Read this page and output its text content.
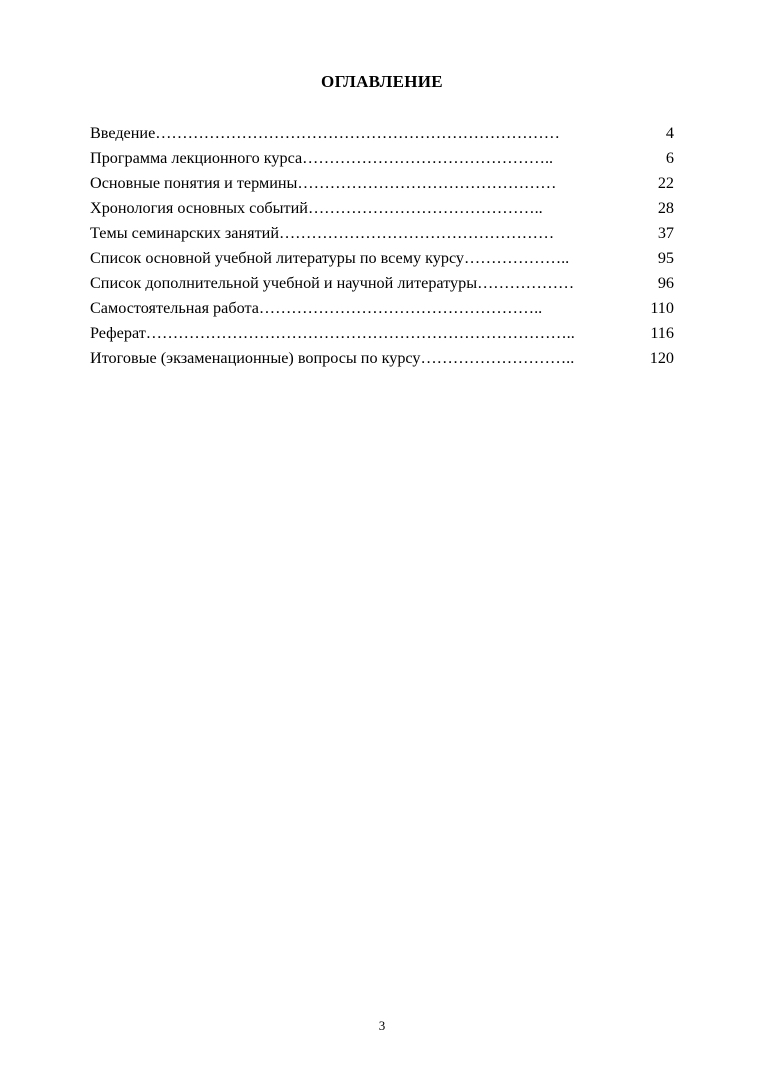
ОГЛАВЛЕНИЕ
Введение…………………………………………………………………	4
Программа лекционного курса………………………………………..	6
Основные понятия и термины…………………………………………	22
Хронология основных событий……………………………………..	28
Темы семинарских занятий……………………………………………	37
Список основной учебной литературы по всему курсу………………..	95
Список дополнительной учебной и научной литературы………………	96
Самостоятельная работа……………………………………………..	110
Реферат……………………………………………………………………..	116
Итоговые (экзаменационные) вопросы по курсу………………………..	120
3
